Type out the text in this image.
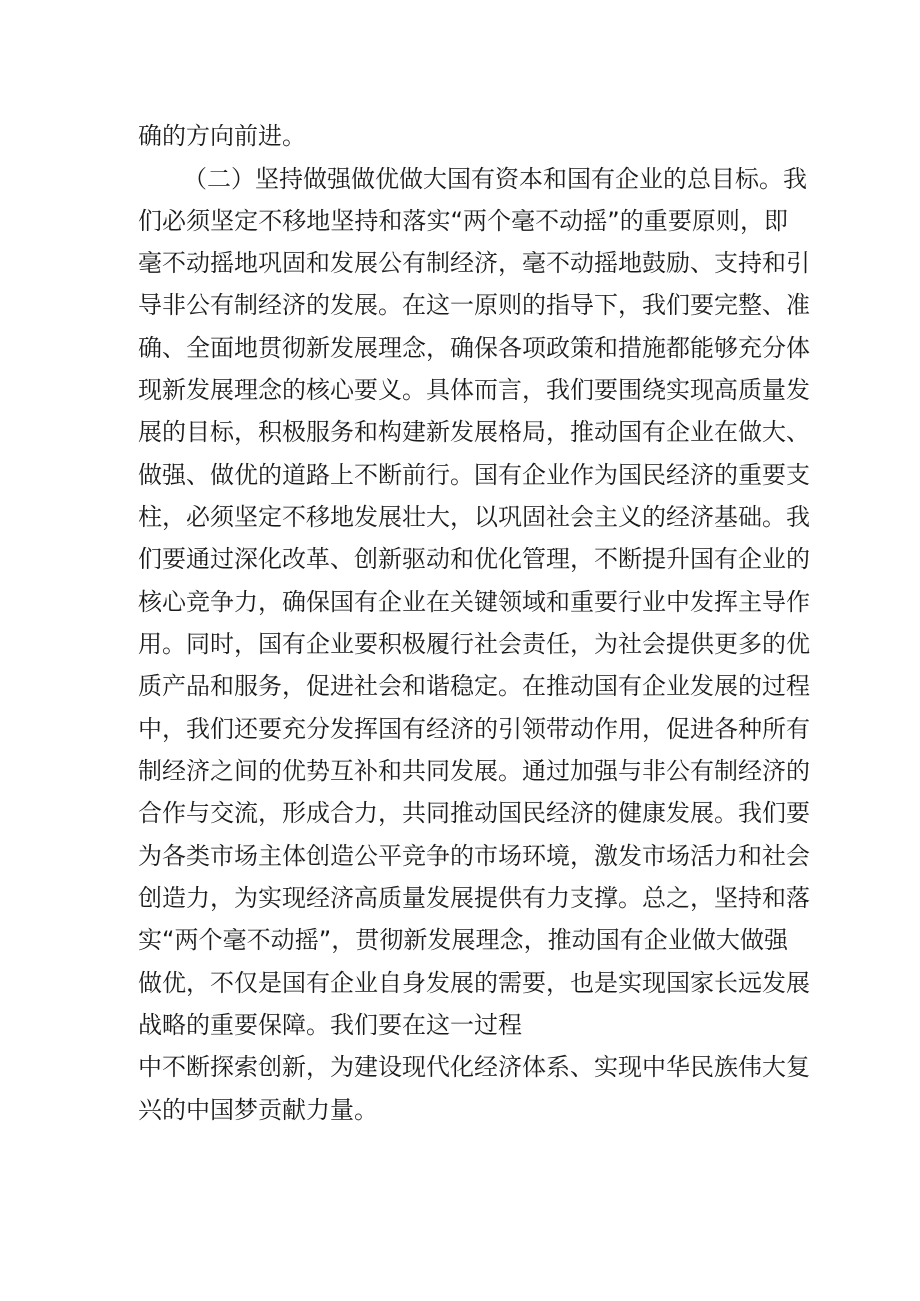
确的方向前进。
（二）坚持做强做优做大国有资本和国有企业的总目标。我
们必须坚定不移地坚持和落实“两个毫不动摇”的重要原则，即
毫不动摇地巩固和发展公有制经济，毫不动摇地鼓励、支持和引
导非公有制经济的发展。在这一原则的指导下，我们要完整、准
确、全面地贯彻新发展理念，确保各项政策和措施都能够充分体
现新发展理念的核心要义。具体而言，我们要围绕实现高质量发
展的目标，积极服务和构建新发展格局，推动国有企业在做大、
做强、做优的道路上不断前行。国有企业作为国民经济的重要支
柱，必须坚定不移地发展壮大，以巩固社会主义的经济基础。我
们要通过深化改革、创新驱动和优化管理，不断提升国有企业的
核心竞争力，确保国有企业在关键领域和重要行业中发挥主导作
用。同时，国有企业要积极履行社会责任，为社会提供更多的优
质产品和服务，促进社会和谐稳定。在推动国有企业发展的过程
中，我们还要充分发挥国有经济的引领带动作用，促进各种所有
制经济之间的优势互补和共同发展。通过加强与非公有制经济的
合作与交流，形成合力，共同推动国民经济的健康发展。我们要
为各类市场主体创造公平竞争的市场环境，激发市场活力和社会
创造力，为实现经济高质量发展提供有力支撑。总之，坚持和落
实“两个毫不动摇”，贯彻新发展理念，推动国有企业做大做强
做优，不仅是国有企业自身发展的需要，也是实现国家长远发展
战略的重要保障。我们要在这一过程
中不断探索创新，为建设现代化经济体系、实现中华民族伟大复
兴的中国梦贡献力量。
